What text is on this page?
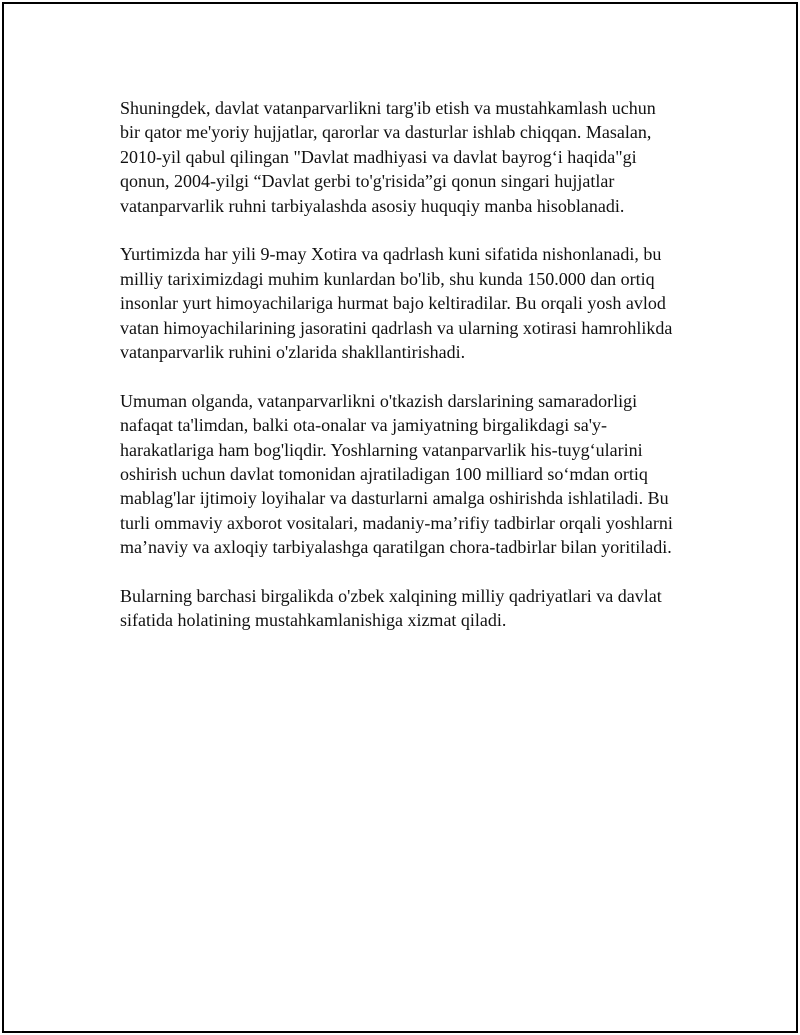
Shuningdek, davlat vatanparvarlikni targ'ib etish va mustahkamlash uchun
bir qator me'yoriy hujjatlar, qarorlar va dasturlar ishlab chiqqan. Masalan,
2010-yil qabul qilingan "Davlat madhiyasi va davlat bayrog‘i haqida"gi
qonun, 2004-yilgi “Davlat gerbi to'g'risida”gi qonun singari hujjatlar
vatanparvarlik ruhni tarbiyalashda asosiy huquqiy manba hisoblanadi.

Yurtimizda har yili 9-may Xotira va qadrlash kuni sifatida nishonlanadi, bu
milliy tariximizdagi muhim kunlardan bo'lib, shu kunda 150.000 dan ortiq
insonlar yurt himoyachilariga hurmat bajo keltiradilar. Bu orqali yosh avlod
vatan himoyachilarining jasoratini qadrlash va ularning xotirasi hamrohlikda
vatanparvarlik ruhini o'zlarida shakllantirishadi.

Umuman olganda, vatanparvarlikni o'tkazish darslarining samaradorligi
nafaqat ta'limdan, balki ota-onalar va jamiyatning birgalikdagi sa'y-
harakatlariga ham bog'liqdir. Yoshlarning vatanparvarlik his-tuyg‘ularini
oshirish uchun davlat tomonidan ajratiladigan 100 milliard so‘mdan ortiq
mablag'lar ijtimoiy loyihalar va dasturlarni amalga oshirishda ishlatiladi. Bu
turli ommaviy axborot vositalari, madaniy-ma’rifiy tadbirlar orqali yoshlarni
ma’naviy va axloqiy tarbiyalashga qaratilgan chora-tadbirlar bilan yoritiladi.

Bularning barchasi birgalikda o'zbek xalqining milliy qadriyatlari va davlat
sifatida holatining mustahkamlanishiga xizmat qiladi.
